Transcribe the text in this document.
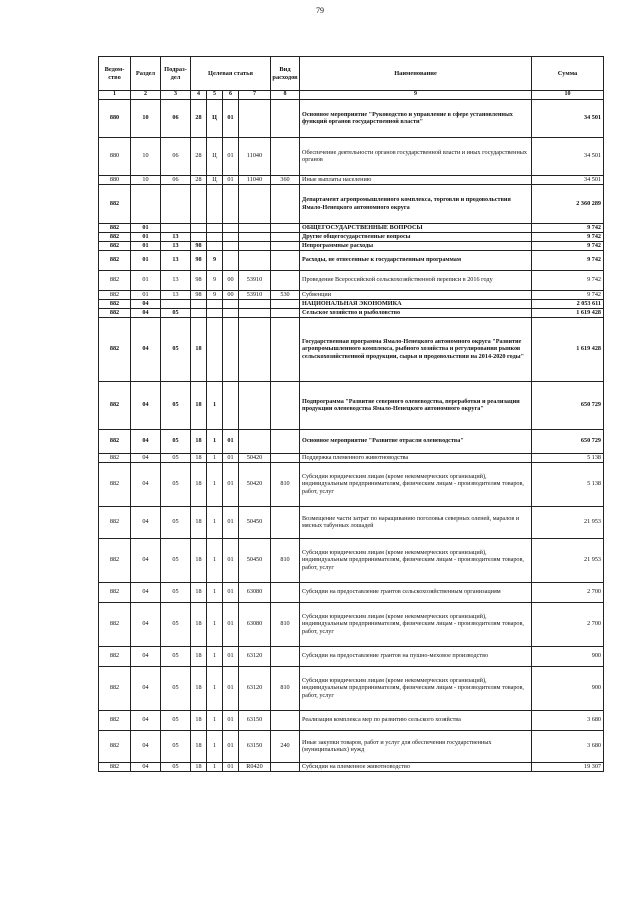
79
Ведом-ство	Раздел	Подраз-дел	Целевая статья				Вид расходов	Наименование	Сумма
1	2	3	4	5	6	7	8	9	10
880	10	06	28	Ц	01			Основное мероприятие "Руководство и управление в сфере установленных функций органов государственной власти"	34 501
880	10	06	28	Ц	01	11040		Обеспечение деятельности органов государственной власти и иных государственных органов	34 501
880	10	06	28	Ц	01	11040	360	Иные выплаты населению	34 501
882								Департамент агропромышленного комплекса, торговли и продовольствия Ямало-Ненецкого автономного округа	2 360 289
882	01							ОБЩЕГОСУДАРСТВЕННЫЕ ВОПРОСЫ	9 742
882	01	13						Другие общегосударственные вопросы	9 742
882	01	13	98					Непрограммные расходы	9 742
882	01	13	98	9				Расходы, не отнесенные к государственным программам	9 742
882	01	13	98	9	00	53910		Проведение Всероссийской сельскохозяйственной переписи в 2016 году	9 742
882	01	13	98	9	00	53910	530	Субвенции	9 742
882	04							НАЦИОНАЛЬНАЯ ЭКОНОМИКА	2 053 611
882	04	05						Сельское хозяйство и рыболовство	1 619 428
882	04	05	18					Государственная программа Ямало-Ненецкого автономного округа "Развитие агропромышленного комплекса, рыбного хозяйства и регулирования рынков сельскохозяйственной продукции, сырья и продовольствия на 2014-2020 годы"	1 619 428
882	04	05	18	1				Подпрограмма "Развитие северного оленеводства, переработки и реализации продукции оленеводства Ямало-Ненецкого автономного округа"	650 729
882	04	05	18	1	01			Основное мероприятие "Развитие отрасли оленеводства"	650 729
882	04	05	18	1	01	50420		Поддержка племенного животноводства	5 138
882	04	05	18	1	01	50420	810	Субсидии юридическим лицам (кроме некоммерческих организаций), индивидуальным предпринимателям, физическим лицам - производителям товаров, работ, услуг	5 138
882	04	05	18	1	01	50450		Возмещение части затрат по наращиванию поголовья северных оленей, маралов и мясных табунных лошадей	21 953
882	04	05	18	1	01	50450	810	Субсидии юридическим лицам (кроме некоммерческих организаций), индивидуальным предпринимателям, физическим лицам - производителям товаров, работ, услуг	21 953
882	04	05	18	1	01	63080		Субсидии на предоставление грантов сельскохозяйственным организациям	2 700
882	04	05	18	1	01	63080	810	Субсидии юридическим лицам (кроме некоммерческих организаций), индивидуальным предпринимателям, физическим лицам - производителям товаров, работ, услуг	2 700
882	04	05	18	1	01	63120		Субсидии на предоставление грантов на пушно-меховое производство	900
882	04	05	18	1	01	63120	810	Субсидии юридическим лицам (кроме некоммерческих организаций), индивидуальным предпринимателям, физическим лицам - производителям товаров, работ, услуг	900
882	04	05	18	1	01	63150		Реализация комплекса мер по развитию сельского хозяйства	3 680
882	04	05	18	1	01	63150	240	Иные закупки товаров, работ и услуг для обеспечения государственных (муниципальных) нужд	3 680
882	04	05	18	1	01	R0420		Субсидии на племенное животноводство	19 307
